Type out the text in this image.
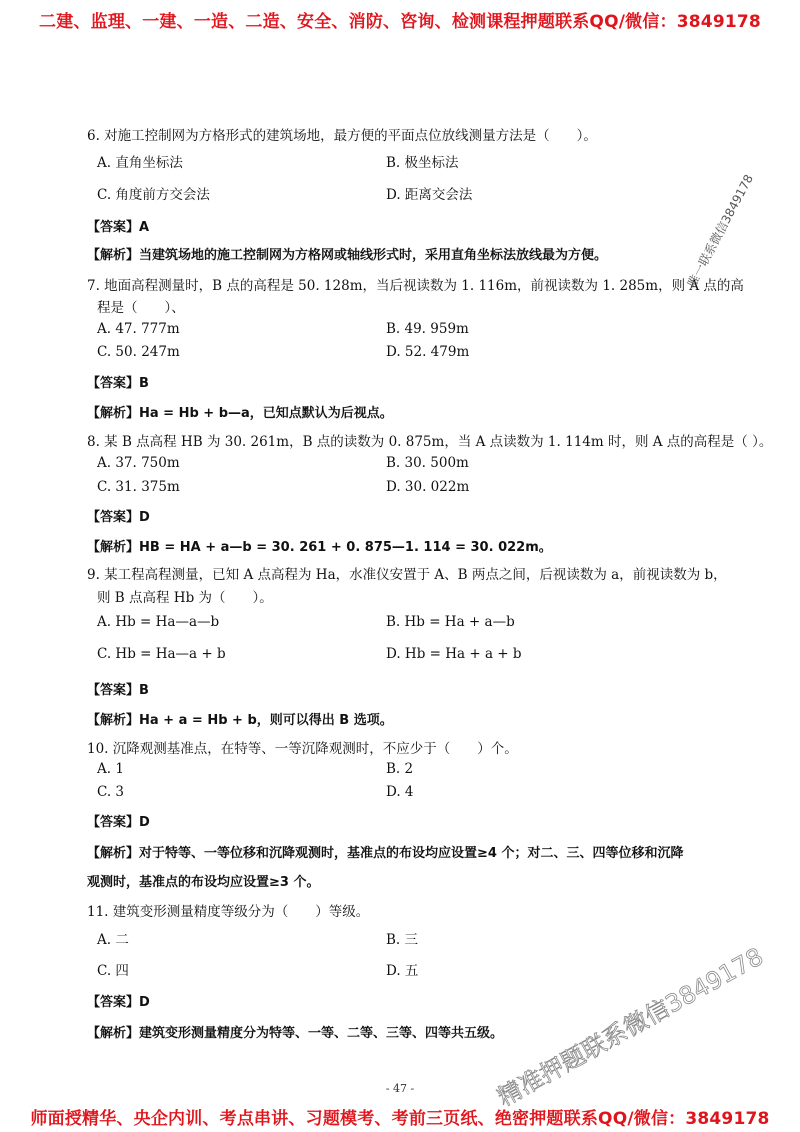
二建、监理、一建、一造、二造、安全、消防、咨询、检测课程押题联系QQ/微信：3849178
6. 对施工控制网为方格形式的建筑场地，最方便的平面点位放线测量方法是（　　）。
A. 直角坐标法	B. 极坐标法
C. 角度前方交会法	D. 距离交会法
【答案】A
【解析】当建筑场地的施工控制网为方格网或轴线形式时，采用直角坐标法放线最为方便。
7. 地面高程测量时，B 点的高程是 50. 128m，当后视读数为 1. 116m，前视读数为 1. 285m，则 A 点的高
程是（　　）、
A. 47. 777m	B. 49. 959m
C. 50. 247m	D. 52. 479m
【答案】B
【解析】Ha = Hb + b—a，已知点默认为后视点。
8. 某 B 点高程 HB 为 30. 261m，B 点的读数为 0. 875m，当 A 点读数为 1. 114m 时，则 A 点的高程是（ ）。
A. 37. 750m	B. 30. 500m
C. 31. 375m	D. 30. 022m
【答案】D
【解析】HB = HA + a—b = 30. 261 + 0. 875—1. 114 = 30. 022m。
9. 某工程高程测量，已知 A 点高程为 Ha，水准仪安置于 A、B 两点之间，后视读数为 a，前视读数为 b，
则 B 点高程 Hb 为（　　）。
A. Hb = Ha—a—b	B. Hb = Ha + a—b
C. Hb = Ha—a + b	D. Hb = Ha + a + b
【答案】B
【解析】Ha + a = Hb + b，则可以得出 B 选项。
10. 沉降观测基准点，在特等、一等沉降观测时，不应少于（　　）个。
A. 1	B. 2
C. 3	D. 4
【答案】D
【解析】对于特等、一等位移和沉降观测时，基准点的布设均应设置≥4 个；对二、三、四等位移和沉降
观测时，基准点的布设均应设置≥3 个。
11. 建筑变形测量精度等级分为（　　）等级。
A. 二	B. 三
C. 四	D. 五
【答案】D
【解析】建筑变形测量精度分为特等、一等、二等、三等、四等共五级。
唯一联系微信3849178
精准押题联系微信3849178
- 47 -
师面授精华、央企内训、考点串讲、习题模考、考前三页纸、绝密押题联系QQ/微信：3849178
